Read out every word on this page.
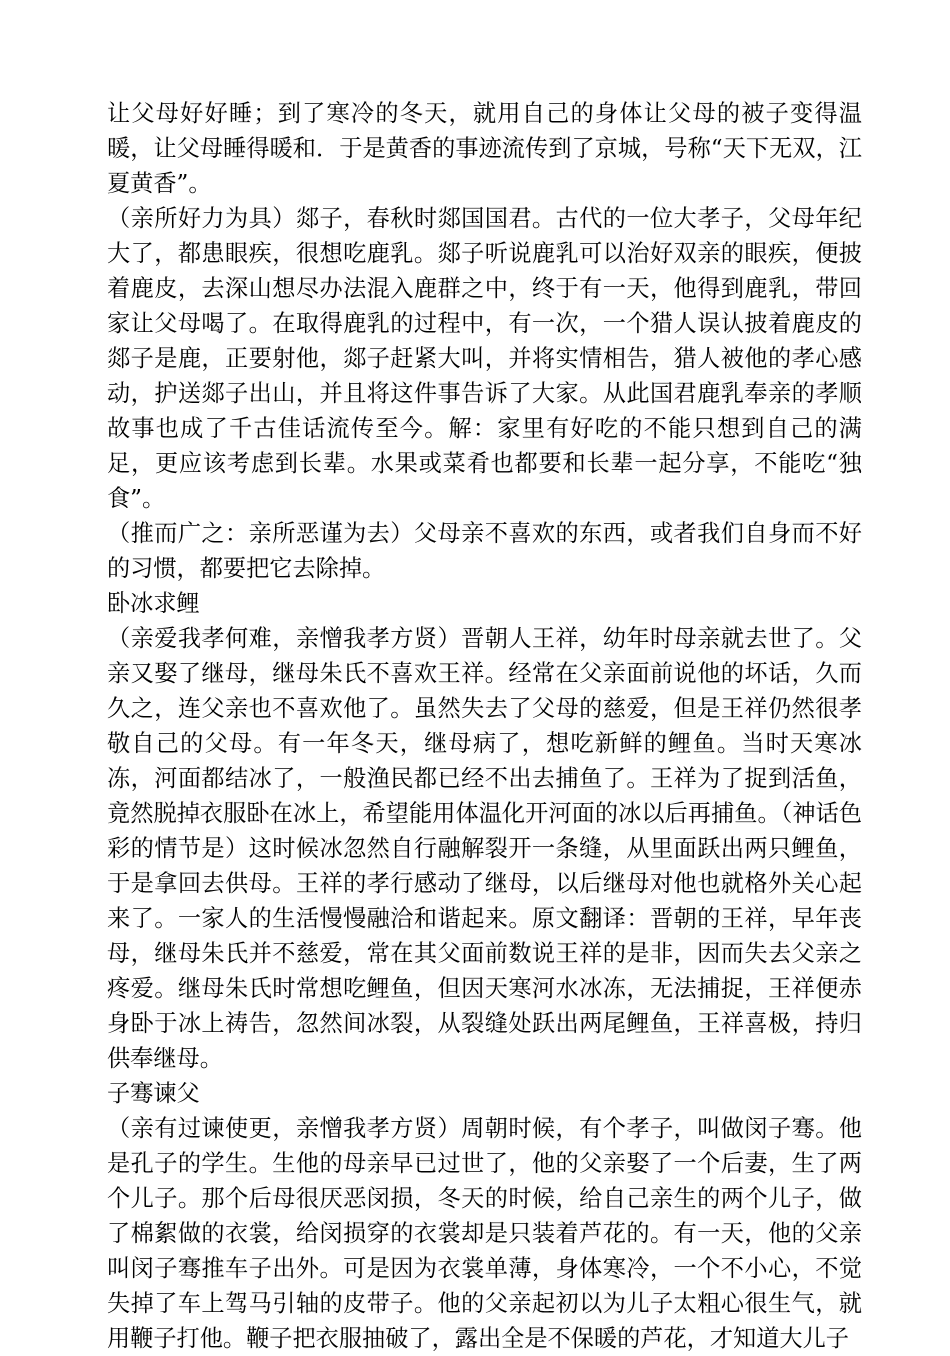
让父母好好睡；到了寒冷的冬天，就用自己的身体让父母的被子变得温暖，让父母睡得暖和．于是黄香的事迹流传到了京城，号称“天下无双，江夏黄香”。

（亲所好力为具）郯子，春秋时郯国国君。古代的一位大孝子，父母年纪大了，都患眼疾，很想吃鹿乳。郯子听说鹿乳可以治好双亲的眼疾，便披着鹿皮，去深山想尽办法混入鹿群之中，终于有一天，他得到鹿乳，带回家让父母喝了。在取得鹿乳的过程中，有一次，一个猎人误认披着鹿皮的郯子是鹿，正要射他，郯子赶紧大叫，并将实情相告，猎人被他的孝心感动，护送郯子出山，并且将这件事告诉了大家。从此国君鹿乳奉亲的孝顺故事也成了千古佳话流传至今。解：家里有好吃的不能只想到自己的满足，更应该考虑到长辈。水果或菜肴也都要和长辈一起分享，不能吃“独食”。

（推而广之：亲所恶谨为去）父母亲不喜欢的东西，或者我们自身而不好的习惯，都要把它去除掉。

卧冰求鲤

（亲爱我孝何难，亲憎我孝方贤）晋朝人王祥，幼年时母亲就去世了。父亲又娶了继母，继母朱氏不喜欢王祥。经常在父亲面前说他的坏话，久而久之，连父亲也不喜欢他了。虽然失去了父母的慈爱，但是王祥仍然很孝敬自己的父母。有一年冬天，继母病了，想吃新鲜的鲤鱼。当时天寒冰冻，河面都结冰了，一般渔民都已经不出去捕鱼了。王祥为了捉到活鱼，竟然脱掉衣服卧在冰上，希望能用体温化开河面的冰以后再捕鱼。（神话色彩的情节是）这时候冰忽然自行融解裂开一条缝，从里面跃出两只鲤鱼，于是拿回去供母。王祥的孝行感动了继母，以后继母对他也就格外关心起来了。一家人的生活慢慢融洽和谐起来。原文翻译：晋朝的王祥，早年丧母，继母朱氏并不慈爱，常在其父面前数说王祥的是非，因而失去父亲之疼爱。继母朱氏时常想吃鲤鱼，但因天寒河水冰冻，无法捕捉，王祥便赤身卧于冰上祷告，忽然间冰裂，从裂缝处跃出两尾鲤鱼，王祥喜极，持归供奉继母。

子骞谏父

（亲有过谏使更，亲憎我孝方贤）周朝时候，有个孝子，叫做闵子骞。他是孔子的学生。生他的母亲早已过世了，他的父亲娶了一个后妻，生了两个儿子。那个后母很厌恶闵损，冬天的时候，给自己亲生的两个儿子，做了棉絮做的衣裳，给闵损穿的衣裳却是只装着芦花的。有一天，他的父亲叫闵子骞推车子出外。可是因为衣裳单薄，身体寒冷，一个不小心，不觉失掉了车上驾马引轴的皮带子。他的父亲起初以为儿子太粗心很生气，就用鞭子打他。鞭子把衣服抽破了，露出全是不保暖的芦花，才知道大儿子
